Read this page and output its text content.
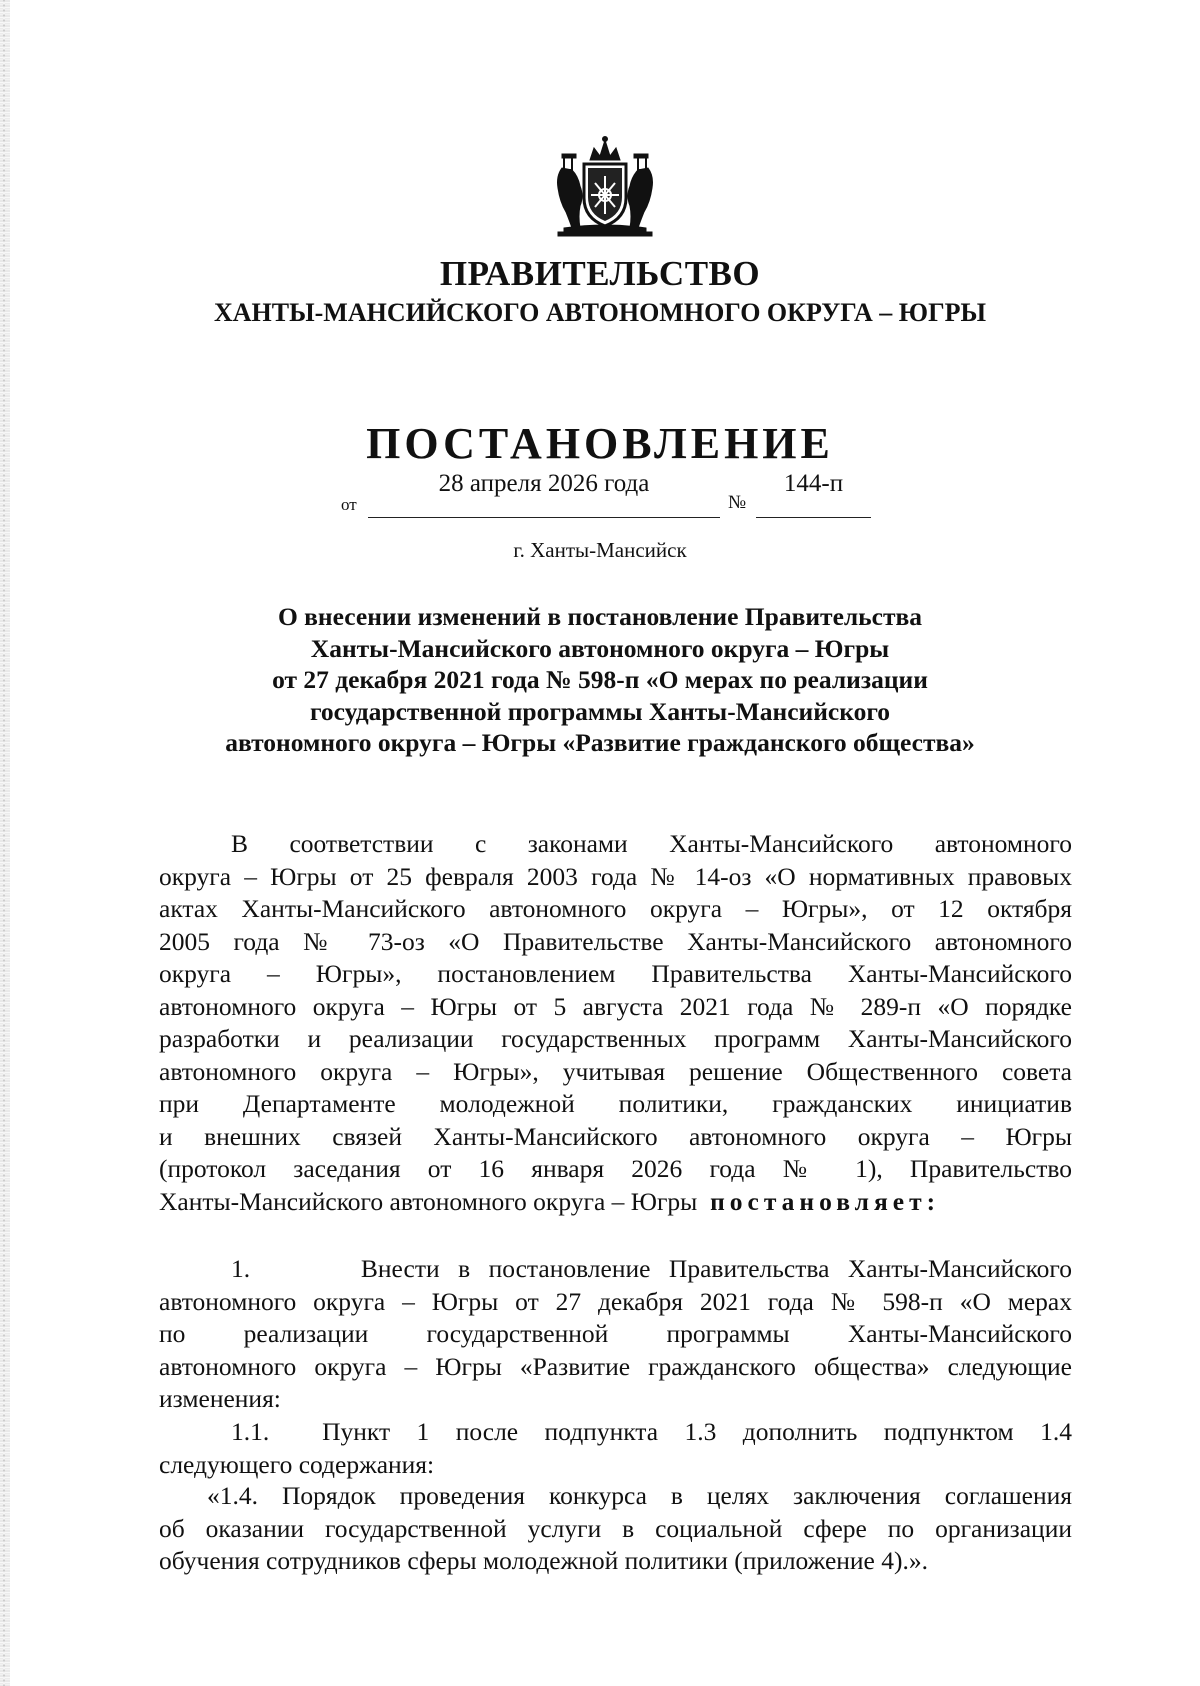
ПРАВИТЕЛЬСТВО
ХАНТЫ-МАНСИЙСКОГО АВТОНОМНОГО ОКРУГА – ЮГРЫ
ПОСТАНОВЛЕНИЕ
от
28 апреля 2026 года
№
144-п
г. Ханты-Мансийск
О внесении изменений в постановление Правительства
Ханты-Мансийского автономного округа – Югры
от 27 декабря 2021 года № 598-п «О мерах по реализации
государственной программы Ханты-Мансийского
автономного округа – Югры «Развитие гражданского общества»
В соответствии с законами Ханты-Мансийского автономного
округа – Югры от 25 февраля 2003 года № 14-оз «О нормативных правовых
актах Ханты-Мансийского автономного округа – Югры», от 12 октября
2005 года № 73-оз «О Правительстве Ханты-Мансийского автономного
округа – Югры», постановлением Правительства Ханты-Мансийского
автономного округа – Югры от 5 августа 2021 года № 289-п «О порядке
разработки и реализации государственных программ Ханты-Мансийского
автономного округа – Югры», учитывая решение Общественного совета
при Департаменте молодежной политики, гражданских инициатив
и внешних связей Ханты-Мансийского автономного округа – Югры
(протокол заседания от 16 января 2026 года № 1), Правительство
Ханты-Мансийского автономного округа – Югры постановляет:
1.	Внести в постановление Правительства Ханты-Мансийского
автономного округа – Югры от 27 декабря 2021 года № 598-п «О мерах
по реализации государственной программы Ханты-Мансийского
автономного округа – Югры «Развитие гражданского общества» следующие
изменения:
1.1. Пункт 1 после подпункта 1.3 дополнить подпунктом 1.4
следующего содержания:
«1.4. Порядок проведения конкурса в целях заключения соглашения
об оказании государственной услуги в социальной сфере по организации
обучения сотрудников сферы молодежной политики (приложение 4).».
